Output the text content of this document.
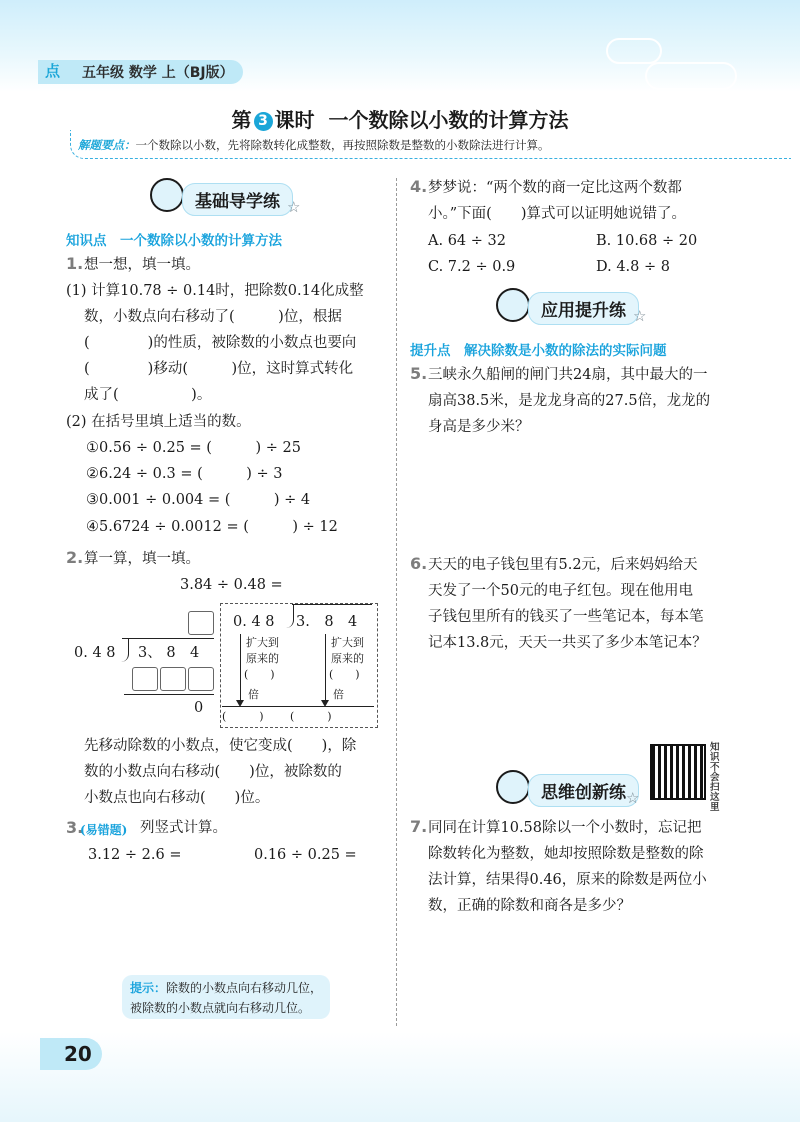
点 五年级 数学 上（BJ版）
第 3 课时 一个数除以小数的计算方法
解题要点：一个数除以小数，先将除数转化成整数，再按照除数是整数的小数除法进行计算。
基础导学练 ☆
知识点　一个数除以小数的计算方法
1. 想一想，填一填。
(1) 计算10.78 ÷ 0.14时，把除数0.14化成整
数，小数点向右移动了(　　　)位，根据
(　　　　)的性质，被除数的小数点也要向
(　　　　)移动(　　　)位，这时算式转化
成了(　　　　　)。
(2) 在括号里填上适当的数。
①0.56 ÷ 0.25 = (　　　) ÷ 25
②6.24 ÷ 0.3 = (　　　) ÷ 3
③0.001 ÷ 0.004 = (　　　) ÷ 4
④5.6724 ÷ 0.0012 = (　　　) ÷ 12
2. 算一算，填一填。
3.84 ÷ 0.48 =
0. 4 8 3、 8　4
0
0. 4 8 3.　8　4
扩大到
原来的
(　　)
倍
扩大到
原来的
(　　)
倍
(　　　) (　　　)
先移动除数的小数点，使它变成(　　)，除
数的小数点向右移动(　　)位，被除数的
小数点也向右移动(　　)位。
3.
(易错题) 列竖式计算。
3.12 ÷ 2.6 =	0.16 ÷ 0.25 =
提示：除数的小数点向右移动几位，
被除数的小数点就向右移动几位。
4. 梦梦说：“两个数的商一定比这两个数都
小。”下面(　　)算式可以证明她说错了。
A. 64 ÷ 32	B. 10.68 ÷ 20
C. 7.2 ÷ 0.9	D. 4.8 ÷ 8
应用提升练 ☆
提升点　解决除数是小数的除法的实际问题
5. 三峡永久船闸的闸门共24扇，其中最大的一
扇高38.5米，是龙龙身高的27.5倍，龙龙的
身高是多少米？
6. 天天的电子钱包里有5.2元，后来妈妈给天
天发了一个50元的电子红包。现在他用电
子钱包里所有的钱买了一些笔记本，每本笔
记本13.8元，天天一共买了多少本笔记本？
知识不会扫这里
思维创新练 ☆
7. 同同在计算10.58除以一个小数时，忘记把
除数转化为整数，她却按照除数是整数的除
法计算，结果得0.46，原来的除数是两位小
数，正确的除数和商各是多少？
20
